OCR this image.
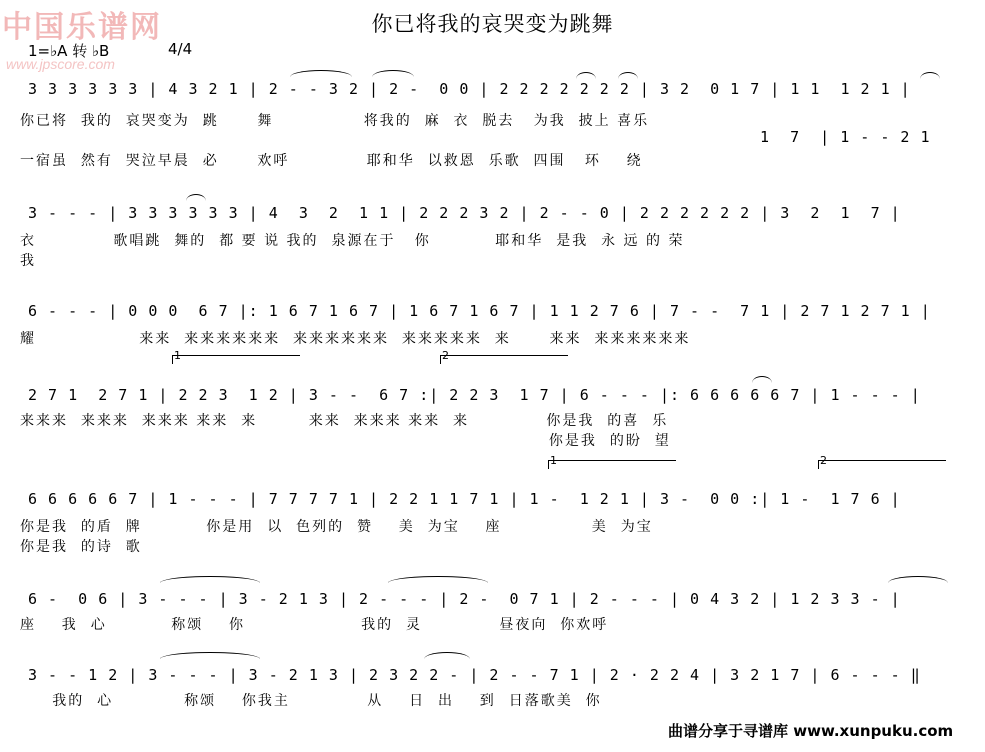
中国乐谱网
www.jpscore.com
你已将我的哀哭变为跳舞
1=♭A 转 ♭B	4/4
3 3 3 3 3 3 | 4 3 2 1 | 2 - - 3 2 | 2 -  0 0 | 2 2 2 2 2 2 2 | 3 2  0 1 7 | 1 1  1 2 1 |
你已将  我的  哀哭变为  跳      舞              将我的  麻  衣  脱去   为我  披上 喜乐
1  7  | 1 - - 2 1
一宿虽  然有  哭泣早晨  必      欢呼            耶和华  以救恩  乐歌  四围   环    绕
3 - - - | 3 3 3 3 3 3 | 4  3  2  1 1 | 2 2 2 3 2 | 2 - - 0 | 2 2 2 2 2 2 | 3  2  1  7 |
衣            歌唱跳  舞的  都 要 说 我的  泉源在于   你          耶和华  是我  永 远 的 荣
我
6 - - - | 0 0 0  6 7 |: 1 6 7 1 6 7 | 1 6 7 1 6 7 | 1 1 2 7 6 | 7 - -  7 1 | 2 7 1 2 7 1 |
耀                来来  来来来来来来  来来来来来来  来来来来来  来      来来  来来来来来来
1	2
2 7 1  2 7 1 | 2 2 3  1 2 | 3 - -  6 7 :| 2 2 3  1 7 | 6 - - - |: 6 6 6 6 6 7 | 1 - - - |
来来来  来来来  来来来 来来  来        来来  来来来 来来  来            你是我  的喜  乐
你是我  的盼  望
1	2
6 6 6 6 6 7 | 1 - - - | 7 7 7 7 1 | 2 2 1 1 7 1 | 1 -  1 2 1 | 3 -  0 0 :| 1 -  1 7 6 |
你是我  的盾  牌          你是用  以  色列的  赞    美  为宝    座              美  为宝
你是我  的诗  歌
6 -  0 6 | 3 - - - | 3 - 2 1 3 | 2 - - - | 2 -  0 7 1 | 2 - - - | 0 4 3 2 | 1 2 3 3 - |
座    我  心          称颂    你                  我的  灵            昼夜向  你欢呼
3 - - 1 2 | 3 - - - | 3 - 2 1 3 | 2 3 2 2 - | 2 - - 7 1 | 2 · 2 2 4 | 3 2 1 7 | 6 - - - ‖
我的  心           称颂    你我主            从    日  出    到  日落歌美  你
曲谱分享于寻谱库 www.xunpuku.com
